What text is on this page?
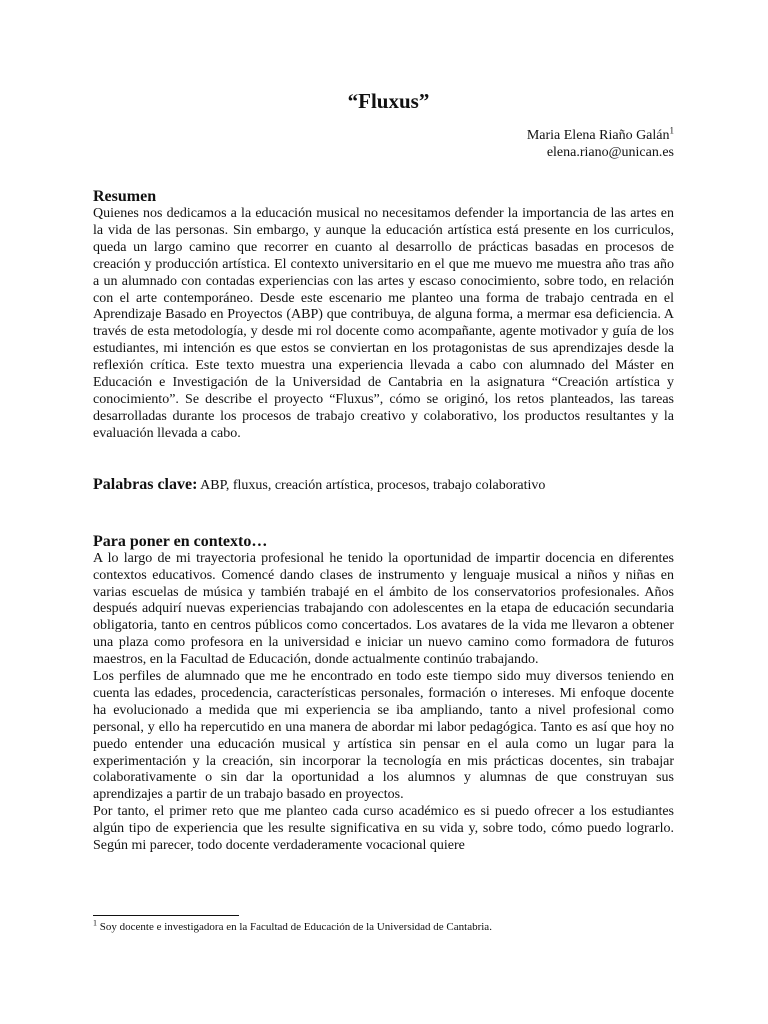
“Fluxus”
Maria Elena Riaño Galán$^1$
elena.riano@unican.es
Resumen

Quienes nos dedicamos a la educación musical no necesitamos defender la importancia de las artes en la vida de las personas. Sin embargo, y aunque la educación artística está presente en los curriculos, queda un largo camino que recorrer en cuanto al desarrollo de prácticas basadas en procesos de creación y producción artística. El contexto universitario en el que me muevo me muestra año tras año a un alumnado con contadas experiencias con las artes y escaso conocimiento, sobre todo, en relación con el arte contemporáneo. Desde este escenario me planteo una forma de trabajo centrada en el Aprendizaje Basado en Proyectos (ABP) que contribuya, de alguna forma, a mermar esa deficiencia. A través de esta metodología, y desde mi rol docente como acompañante, agente motivador y guía de los estudiantes, mi intención es que estos se conviertan en los protagonistas de sus aprendizajes desde la reflexión crítica. Este texto muestra una experiencia llevada a cabo con alumnado del Máster en Educación e Investigación de la Universidad de Cantabria en la asignatura “Creación artística y conocimiento”. Se describe el proyecto “Fluxus”, cómo se originó, los retos planteados, las tareas desarrolladas durante los procesos de trabajo creativo y colaborativo, los productos resultantes y la evaluación llevada a cabo.

Palabras clave: ABP, fluxus, creación artística, procesos, trabajo colaborativo
Para poner en contexto…

A lo largo de mi trayectoria profesional he tenido la oportunidad de impartir docencia en diferentes contextos educativos. Comencé dando clases de instrumento y lenguaje musical a niños y niñas en varias escuelas de música y también trabajé en el ámbito de los conservatorios profesionales. Años después adquirí nuevas experiencias trabajando con adolescentes en la etapa de educación secundaria obligatoria, tanto en centros públicos como concertados. Los avatares de la vida me llevaron a obtener una plaza como profesora en la universidad e iniciar un nuevo camino como formadora de futuros maestros, en la Facultad de Educación, donde actualmente continúo trabajando.

Los perfiles de alumnado que me he encontrado en todo este tiempo sido muy diversos teniendo en cuenta las edades, procedencia, características personales, formación o intereses. Mi enfoque docente ha evolucionado a medida que mi experiencia se iba ampliando, tanto a nivel profesional como personal, y ello ha repercutido en una manera de abordar mi labor pedagógica. Tanto es así que hoy no puedo entender una educación musical y artística sin pensar en el aula como un lugar para la experimentación y la creación, sin incorporar la tecnología en mis prácticas docentes, sin trabajar colaborativamente o sin dar la oportunidad a los alumnos y alumnas de que construyan sus aprendizajes a partir de un trabajo basado en proyectos.

Por tanto, el primer reto que me planteo cada curso académico es si puedo ofrecer a los estudiantes algún tipo de experiencia que les resulte significativa en su vida y, sobre todo, cómo puedo lograrlo. Según mi parecer, todo docente verdaderamente vocacional quiere

$^1$ Soy docente e investigadora en la Facultad de Educación de la Universidad de Cantabria.
